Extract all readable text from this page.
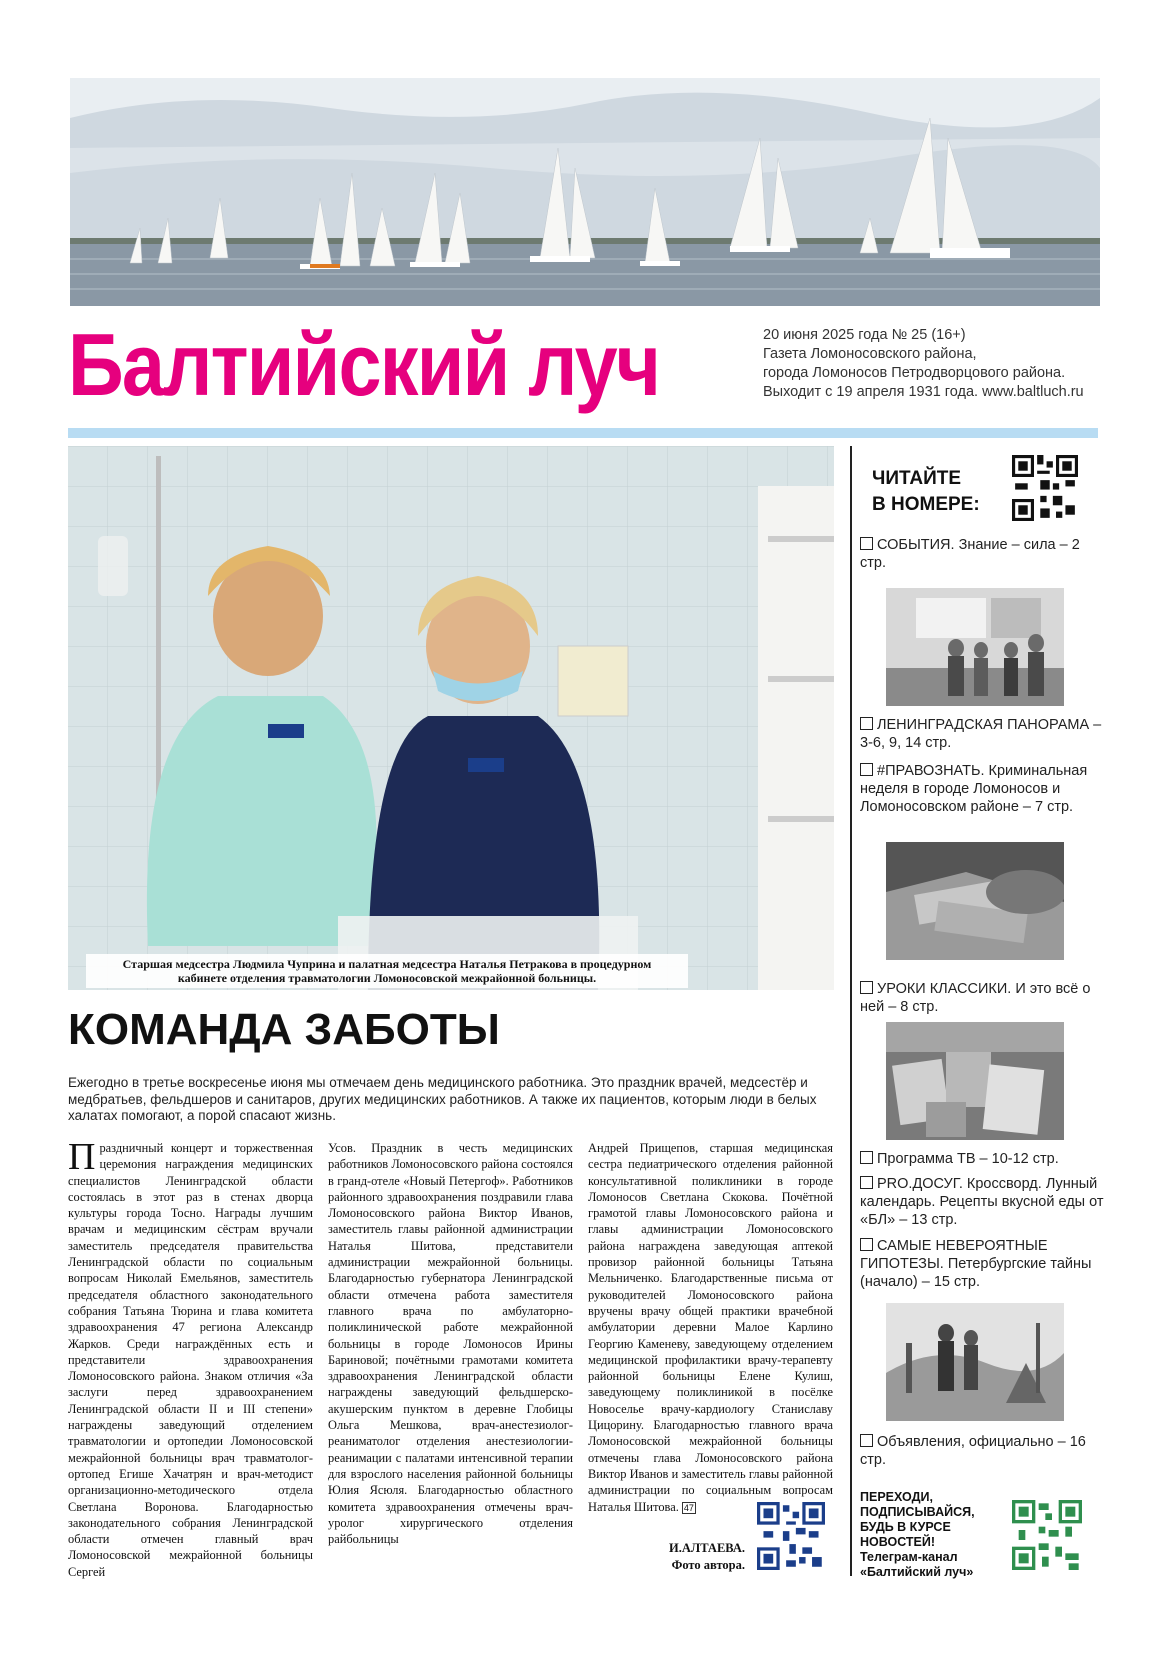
Балтийский луч	20 июня 2025 года № 25 (16+)
Газета Ломоносовского района,
города Ломоносов Петродворцового района.
Выходит с 19 апреля 1931 года. www.baltluch.ru
Старшая медсестра Людмила Чуприна и палатная медсестра Наталья Петракова в процедурном
кабинете отделения травматологии Ломоносовской межрайонной больницы.
КОМАНДА ЗАБОТЫ
Ежегодно в третье воскресенье июня мы отмечаем день медицинского работника. Это праздник врачей, медсестёр и медбратьев, фельдшеров и санитаров, других медицинских работников. А также их пациентов, которым люди в белых халатах помогают, а порой спасают жизнь.
Праздничный концерт и торжественная церемония награждения медицинских специалистов Ленинградской области состоялась в этот раз в стенах дворца культуры города Тосно. Награды лучшим врачам и медицинским сёстрам вручали заместитель председателя правительства Ленинградской области по социальным вопросам Николай Емельянов, заместитель председателя областного законодательного собрания Татьяна Тюрина и глава комитета здравоохранения 47 региона Александр Жарков. Среди награждённых есть и представители здравоохранения Ломоносовского района. Знаком отличия «За заслуги перед здравоохранением Ленинградской области II и III степени» награждены заведующий отделением травматологии и ортопедии Ломоносовской межрайонной больницы врач травматолог-ортопед Егише Хачатрян и врач-методист организационно-методического отдела Светлана Воронова. Благодарностью законодательного собрания Ленинградской области отмечен главный врач Ломоносовской межрайонной больницы Сергей
Усов. Праздник в честь медицинских работников Ломоносовского района состоялся в гранд-отеле «Новый Петергоф». Работников районного здравоохранения поздравили глава Ломоносовского района Виктор Иванов, заместитель главы районной администрации Наталья Шитова, представители администрации межрайонной больницы. Благодарностью губернатора Ленинградской области отмечена работа заместителя главного врача по амбулаторно-поликлинической работе межрайонной больницы в городе Ломоносов Ирины Бариновой; почётными грамотами комитета здравоохранения Ленинградской области награждены заведующий фельдшерско-акушерским пунктом в деревне Глобицы Ольга Мешкова, врач-анестезиолог-реаниматолог отделения анестезиологии-реанимации с палатами интенсивной терапии для взрослого населения районной больницы Юлия Ясюля. Благодарностью областного комитета здравоохранения отмечены врач-уролог хирургического отделения райбольницы
Андрей Прищепов, старшая медицинская сестра педиатрического отделения районной консультативной поликлиники в городе Ломоносов Светлана Скокова. Почётной грамотой главы Ломоносовского района и главы администрации Ломоносовского района награждена заведующая аптекой провизор районной больницы Татьяна Мельниченко. Благодарственные письма от руководителей Ломоносовского района вручены врачу общей практики врачебной амбулатории деревни Малое Карлино Георгию Каменеву, заведующему отделением медицинской профилактики врачу-терапевту районной больницы Елене Кулиш, заведующему поликлиникой в посёлке Новоселье врачу-кардиологу Станиславу Цицорину. Благодарностью главного врача Ломоносовской межрайонной больницы отмечены глава Ломоносовского района Виктор Иванов и заместитель главы районной администрации по социальным вопросам Наталья Шитова. 47
И.АЛТАЕВА.
Фото автора.
ЧИТАЙТЕ
В НОМЕРЕ:
СОБЫТИЯ. Знание – сила – 2 стр.
ЛЕНИНГРАДСКАЯ ПАНОРАМА – 3-6, 9, 14 стр.
#ПРАВОЗНАТЬ. Криминальная неделя в городе Ломоносов и Ломоносовском районе – 7 стр.
УРОКИ КЛАССИКИ. И это всё о ней – 8 стр.
Программа ТВ – 10-12 стр.
PRO.ДОСУГ. Кроссворд. Лунный календарь. Рецепты вкусной еды от «БЛ» – 13 стр.
САМЫЕ НЕВЕРОЯТНЫЕ ГИПОТЕЗЫ. Петербургские тайны (начало) – 15 стр.
Объявления, официально – 16 стр.
ПЕРЕХОДИ,
ПОДПИСЫВАЙСЯ,
БУДЬ В КУРСЕ
НОВОСТЕЙ!
Телеграм-канал
«Балтийский луч»
